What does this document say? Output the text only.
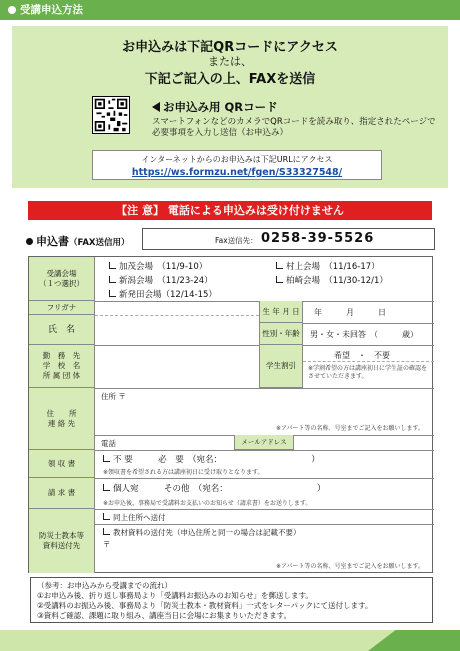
受講申込方法
お申込みは下記QRコードにアクセス
または、
下記ご記入の上、FAXを送信
お申込み用 QRコード
スマートフォンなどのカメラでQRコードを読み取り、指定されたページで必要事項を入力し送信（お申込み）
インターネットからのお申込みは下記URLにアクセス
https://ws.formzu.net/fgen/S33327548/
【注 意】 電話による申込みは受け付けません
申込書（FAX送信用）	Fax送信先： 0258-39-5526
受講会場
（１つ選択）
加茂会場　（11/9-10）	村上会場　（11/16-17）
新潟会場　（11/23-24）	柏崎会場　（11/30-12/1）
新発田会場（12/14-15）
フリガナ
氏　名
生 年 月 日	年　　　月　　　日
性別・年齢	男・女・未回答　（　　　歳）
勤　務　先
学　校　名
所 属 団 体
学生割引
希望　・　不要
※学割希望の方は講座初日に学生証の確認をさせていただきます。
住　　所
連 絡 先
住所 〒
※アパート等の名称、号室までご記入をお願いします。
電話	メールアドレス
領 収 書	不 要　　　必　要　（宛名：　　　　　　　　　　　）
※領収書を希望される方は講座初日に受け取りとなります。
請 求 書	個人宛　　　その他　（宛名：　　　　　　　　　　　）
※お申込後、事務局で受講料お支払いのお知らせ（請求書）をお送りします。
防災士教本等
資料送付先
同上住所へ送付
教材資料の送付先（申込住所と同一の場合は記載不要）
〒
※アパート等の名称、号室までご記入をお願いします。
（参考：お申込みから受講までの流れ）
①お申込み後、折り返し事務局より「受講料お振込みのお知らせ」を郵送します。
②受講料のお振込み後、事務局より「防災士教本・教材資料」一式をレターパックにて送付します。
③資料ご確認、課題に取り組み、講座当日に会場にお集まりいただきます。
